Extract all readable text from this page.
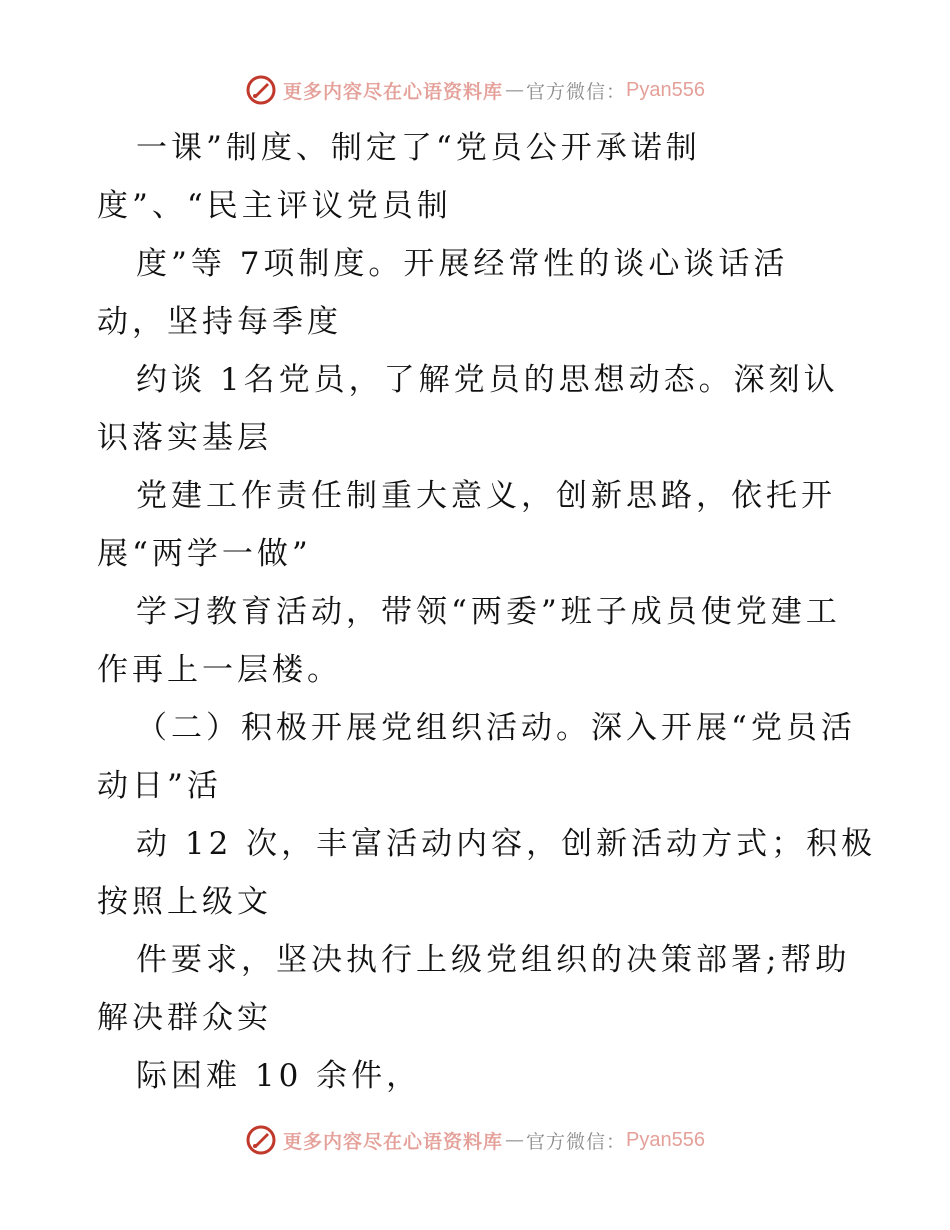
更多内容尽在心语资料库 — 官方微信： Pyan556
一课”制度、制定了“党员公开承诺制
度”、“民主评议党员制
度”等 7项制度。开展经常性的谈心谈话活
动，坚持每季度
约谈 1名党员，了解党员的思想动态。深刻认
识落实基层
党建工作责任制重大意义，创新思路，依托开
展“两学一做”
学习教育活动，带领“两委”班子成员使党建工
作再上一层楼。
（二）积极开展党组织活动。深入开展“党员活
动日”活
动 12 次，丰富活动内容，创新活动方式；积极
按照上级文
件要求，坚决执行上级党组织的决策部署;帮助
解决群众实
际困难 10 余件，
更多内容尽在心语资料库 — 官方微信： Pyan556
